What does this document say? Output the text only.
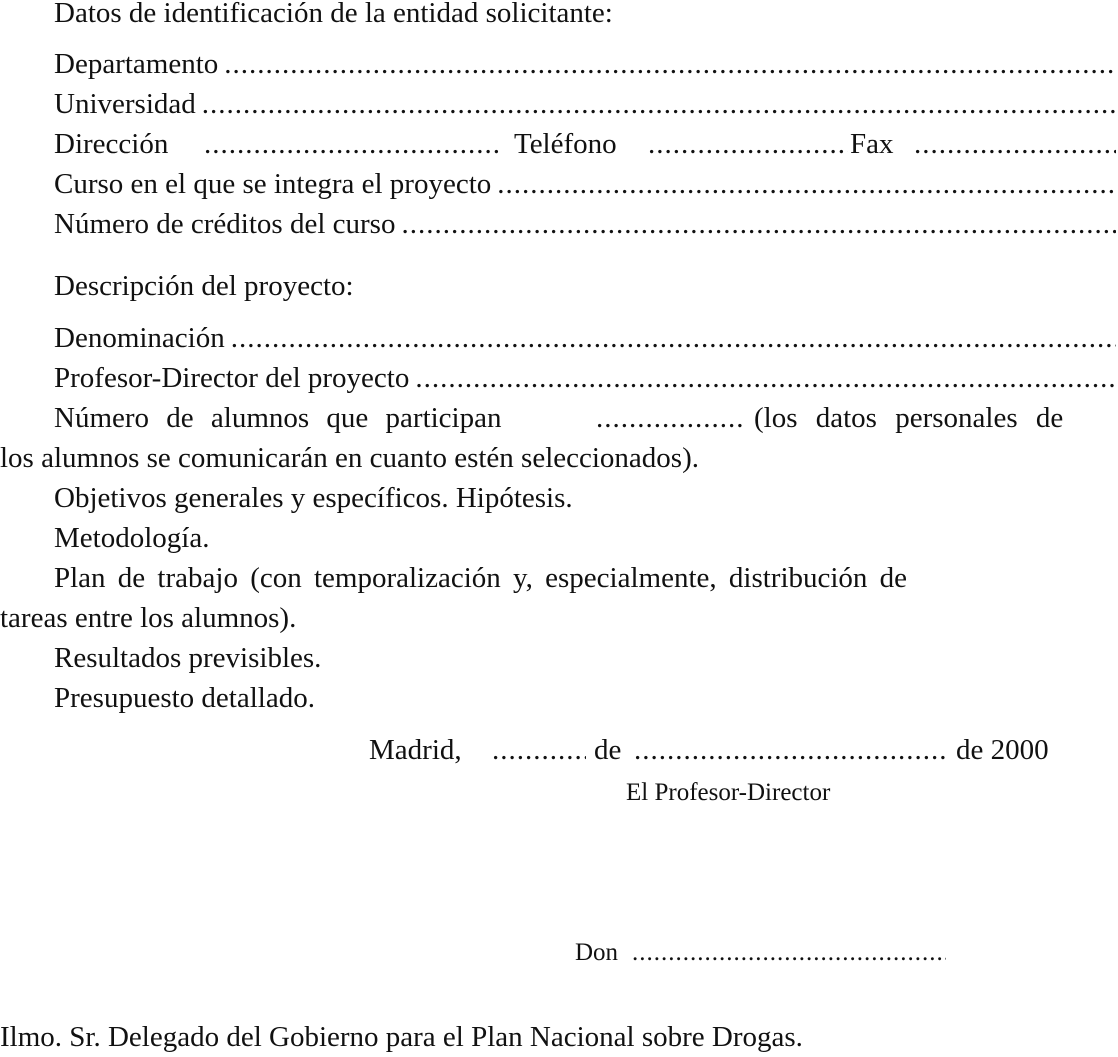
Datos de identificación de la entidad solicitante:
Departamento
.....
Universidad
.....
Dirección .....	Teléfono .....	Fax
.....
Curso en el que se integra el proyecto
.....
Número de créditos del curso
.....
Descripción del proyecto:
Denominación
.....
Profesor-Director del proyecto
.....
Número de alumnos que participan .....	(los datos personales de
los alumnos se comunicarán en cuanto estén seleccionados).
Objetivos generales y específicos. Hipótesis.
Metodología.
Plan de trabajo (con temporalización y, especialmente, distribución de
tareas entre los alumnos).
Resultados previsibles.
Presupuesto detallado.
Madrid, .....	de .....	de 2000
El Profesor-Director
Don
.....
Ilmo. Sr. Delegado del Gobierno para el Plan Nacional sobre Drogas.
